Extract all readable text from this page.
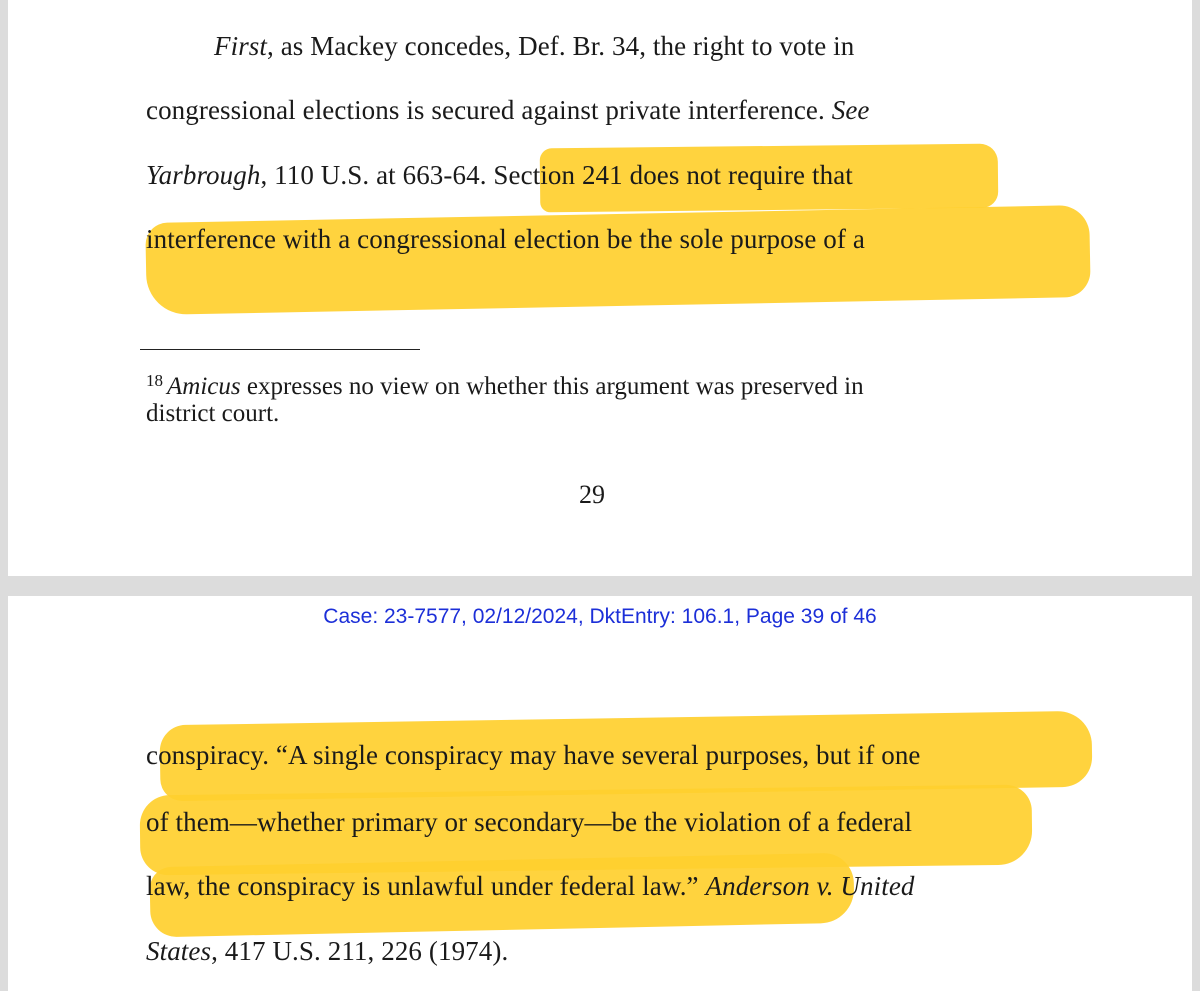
First, as Mackey concedes, Def. Br. 34, the right to vote in
congressional elections is secured against private interference. See
Yarbrough, 110 U.S. at 663-64. Section 241 does not require that
interference with a congressional election be the sole purpose of a
$^{18}$ Amicus expresses no view on whether this argument was preserved in
district court.
29
Case: 23-7577, 02/12/2024, DktEntry: 106.1, Page 39 of 46
conspiracy. “A single conspiracy may have several purposes, but if one
of them—whether primary or secondary—be the violation of a federal
law, the conspiracy is unlawful under federal law.” Anderson v. United
States, 417 U.S. 211, 226 (1974).
